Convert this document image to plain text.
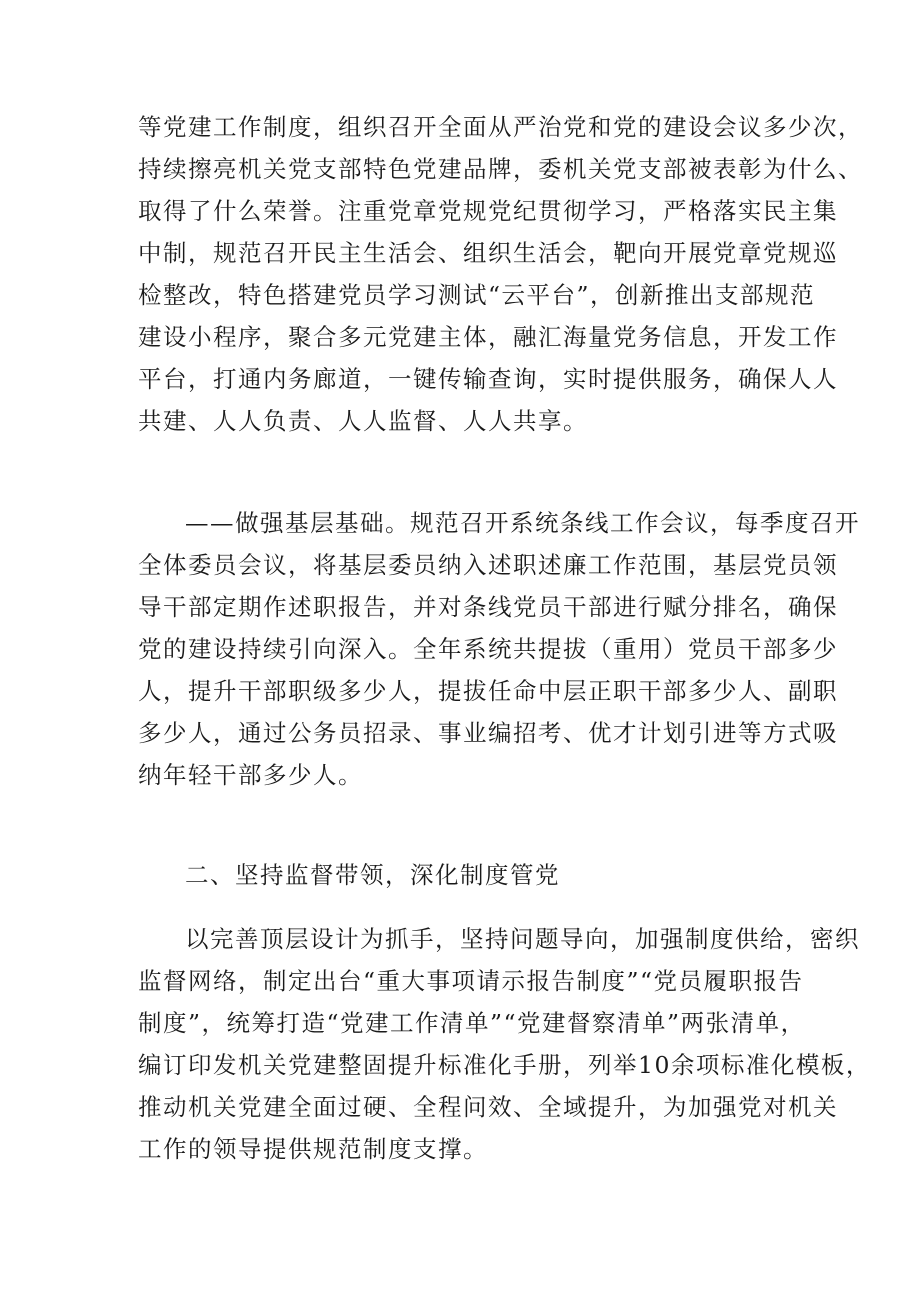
等党建工作制度，组织召开全面从严治党和党的建设会议多少次，
持续擦亮机关党支部特色党建品牌，委机关党支部被表彰为什么、
取得了什么荣誉。注重党章党规党纪贯彻学习，严格落实民主集
中制，规范召开民主生活会、组织生活会，靶向开展党章党规巡
检整改，特色搭建党员学习测试“云平台”，创新推出支部规范
建设小程序，聚合多元党建主体，融汇海量党务信息，开发工作
平台，打通内务廊道，一键传输查询，实时提供服务，确保人人
共建、人人负责、人人监督、人人共享。
——做强基层基础。规范召开系统条线工作会议，每季度召开
全体委员会议，将基层委员纳入述职述廉工作范围，基层党员领
导干部定期作述职报告，并对条线党员干部进行赋分排名，确保
党的建设持续引向深入。全年系统共提拔（重用）党员干部多少
人，提升干部职级多少人，提拔任命中层正职干部多少人、副职
多少人，通过公务员招录、事业编招考、优才计划引进等方式吸
纳年轻干部多少人。
二、坚持监督带领，深化制度管党
以完善顶层设计为抓手，坚持问题导向，加强制度供给，密织
监督网络，制定出台“重大事项请示报告制度”“党员履职报告
制度”，统筹打造“党建工作清单”“党建督察清单”两张清单，
编订印发机关党建整固提升标准化手册，列举10余项标准化模板，
推动机关党建全面过硬、全程问效、全域提升，为加强党对机关
工作的领导提供规范制度支撑。
